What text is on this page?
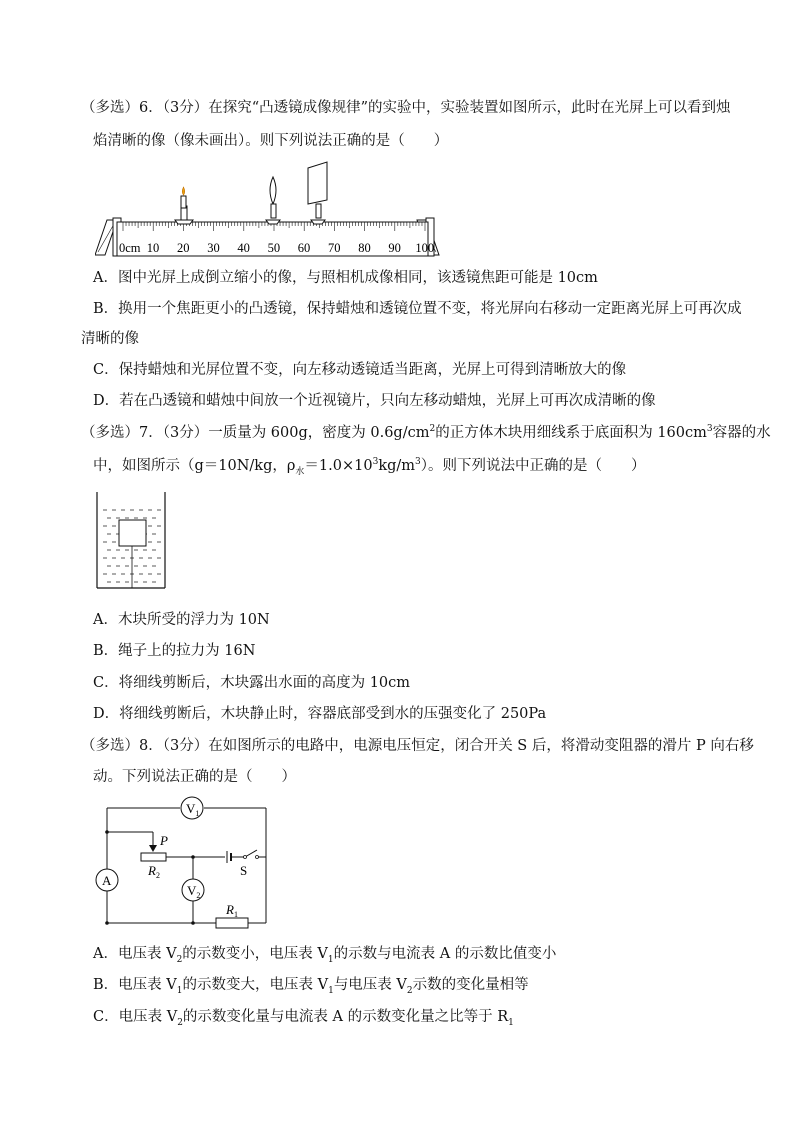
（多选）6．（3分）在探究“凸透镜成像规律”的实验中，实验装置如图所示，此时在光屏上可以看到烛
焰清晰的像（像未画出）。则下列说法正确的是（　　）
0cm 10 20 30 40 50 60 70 80 90 100
A．图中光屏上成倒立缩小的像，与照相机成像相同，该透镜焦距可能是 10cm
B．换用一个焦距更小的凸透镜，保持蜡烛和透镜位置不变，将光屏向右移动一定距离光屏上可再次成
清晰的像
C．保持蜡烛和光屏位置不变，向左移动透镜适当距离，光屏上可得到清晰放大的像
D．若在凸透镜和蜡烛中间放一个近视镜片，只向左移动蜡烛，光屏上可再次成清晰的像
（多选）7．（3分）一质量为 600g，密度为 $0.6g/cm^2$的正方体木块用细线系于底面积为 $160cm^3$容器的水
中，如图所示（g＝10N/kg，$\rho_水=1.0\times 10^3kg/m^3$）。则下列说法中正确的是（　　）
A．木块所受的浮力为 10N
B．绳子上的拉力为 16N
C．将细线剪断后，木块露出水面的高度为 10cm
D．将细线剪断后，木块静止时，容器底部受到水的压强变化了 250Pa
（多选）8．（3分）在如图所示的电路中，电源电压恒定，闭合开关 S 后，将滑动变阻器的滑片 P 向右移
动。下列说法正确的是（　　）
$V_1$
$V_2$
A
P
$R_2$
$R_1$
S
A．电压表 $V_2$的示数变小，电压表 $V_1$的示数与电流表 A 的示数比值变小
B．电压表 $V_1$的示数变大，电压表 $V_1$与电压表 $V_2$示数的变化量相等
C．电压表 $V_2$的示数变化量与电流表 A 的示数变化量之比等于 $R_1$
